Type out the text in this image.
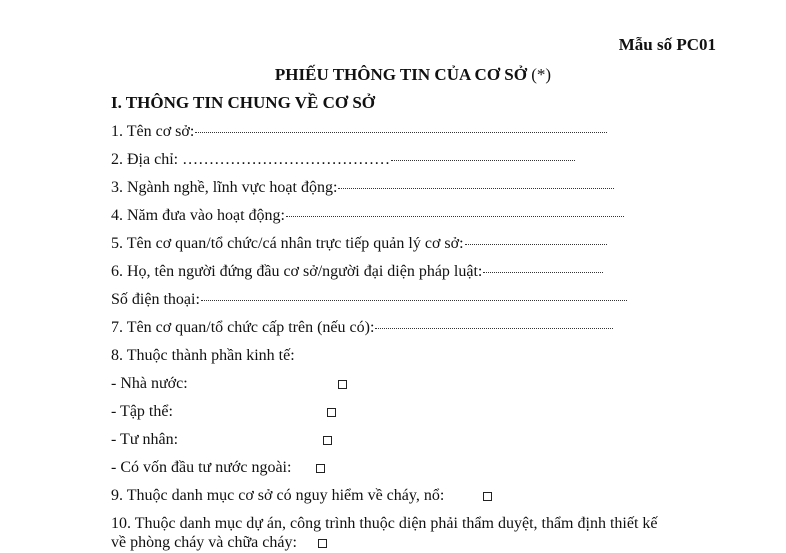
Mẫu số PC01
PHIẾU THÔNG TIN CỦA CƠ SỞ (*)
I. THÔNG TIN CHUNG VỀ CƠ SỞ
1. Tên cơ sở:
2. Địa chỉ: …………………………………
3. Ngành nghề, lĩnh vực hoạt động:
4. Năm đưa vào hoạt động:
5. Tên cơ quan/tổ chức/cá nhân trực tiếp quản lý cơ sở:
6. Họ, tên người đứng đầu cơ sở/người đại diện pháp luật:
Số điện thoại:
7. Tên cơ quan/tổ chức cấp trên (nếu có):
8. Thuộc thành phần kinh tế:
- Nhà nước:
- Tập thể:
- Tư nhân:
- Có vốn đầu tư nước ngoài:
9. Thuộc danh mục cơ sở có nguy hiểm về cháy, nổ:
10. Thuộc danh mục dự án, công trình thuộc diện phải thẩm duyệt, thẩm định thiết kế
về phòng cháy và chữa cháy:
